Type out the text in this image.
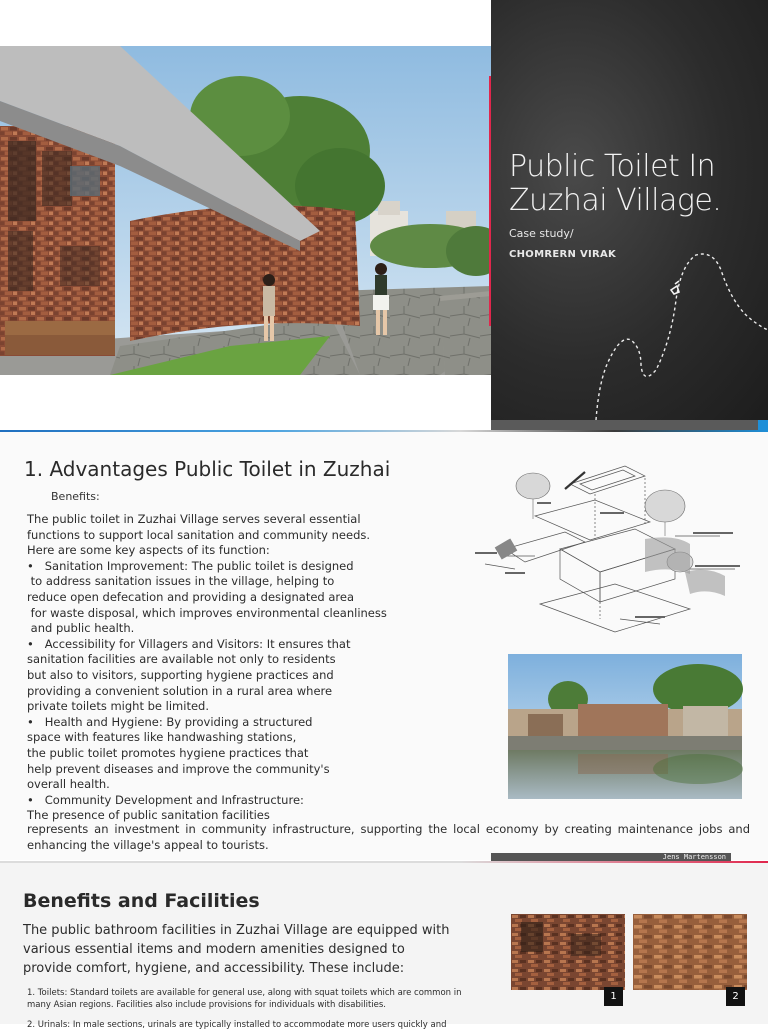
Public Toilet In Zuzhai Village.
Case study/
CHOMRERN VIRAK
1. Advantages Public Toilet in Zuzhai
Benefits:

The public toilet in Zuzhai Village serves several essential

functions to support local sanitation and community needs.

Here are some key aspects of its function:

•   Sanitation Improvement: The public toilet is designed

to address sanitation issues in the village, helping to

reduce open defecation and providing a designated area

for waste disposal, which improves environmental cleanliness

and public health.

•   Accessibility for Villagers and Visitors: It ensures that

sanitation facilities are available not only to residents

but also to visitors, supporting hygiene practices and

providing a convenient solution in a rural area where

private toilets might be limited.

•   Health and Hygiene: By providing a structured

space with features like handwashing stations,

the public toilet promotes hygiene practices that

help prevent diseases and improve the community's

overall health.

•   Community Development and Infrastructure:

The presence of public sanitation facilities

represents an investment in community infrastructure, supporting the local economy by creating maintenance jobs and
enhancing the village's appeal to tourists.
Jens Martensson
Benefits and Facilities

The public bathroom facilities in Zuzhai Village are equipped with various essential items and modern amenities designed to provide comfort, hygiene, and accessibility. These include:

1. Toilets: Standard toilets are available for general use, along with squat toilets which are common in many Asian regions. Facilities also include provisions for individuals with disabilities.

2. Urinals: In male sections, urinals are typically installed to accommodate more users quickly and

1	2
